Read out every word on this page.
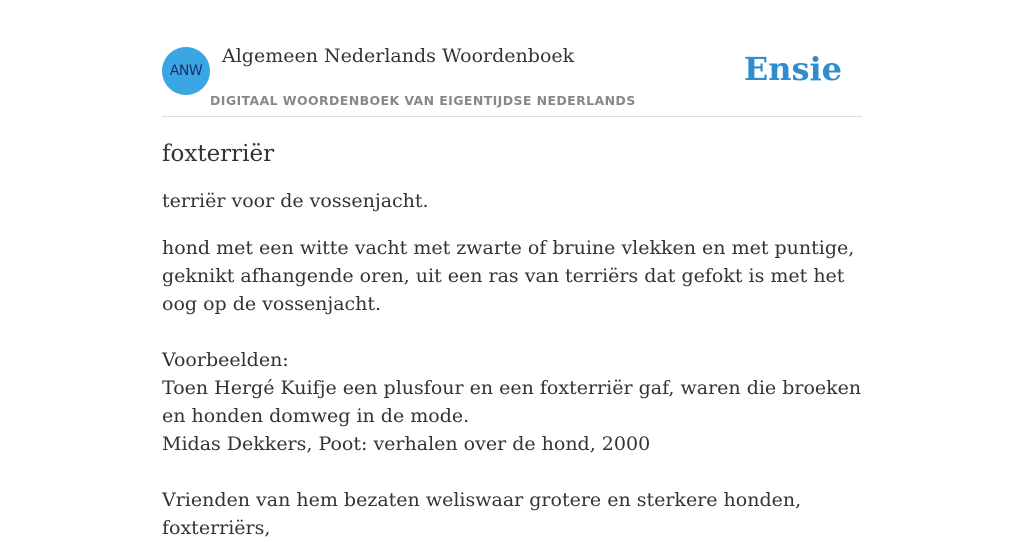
ANW
Algemeen Nederlands Woordenboek
DIGITAAL WOORDENBOEK VAN EIGENTIJDSE NEDERLANDS
Ensie
foxterriër

terriër voor de vossenjacht.

hond met een witte vacht met zwarte of bruine vlekken en met puntige, geknikt afhangende oren, uit een ras van terriërs dat gefokt is met het oog op de vossenjacht.
Voorbeelden:
Toen Hergé Kuifje een plusfour en een foxterriër gaf, waren die broeken en honden domweg in de mode.
Midas Dekkers, Poot: verhalen over de hond, 2000
Vrienden van hem bezaten weliswaar grotere en sterkere honden, foxterriërs,
